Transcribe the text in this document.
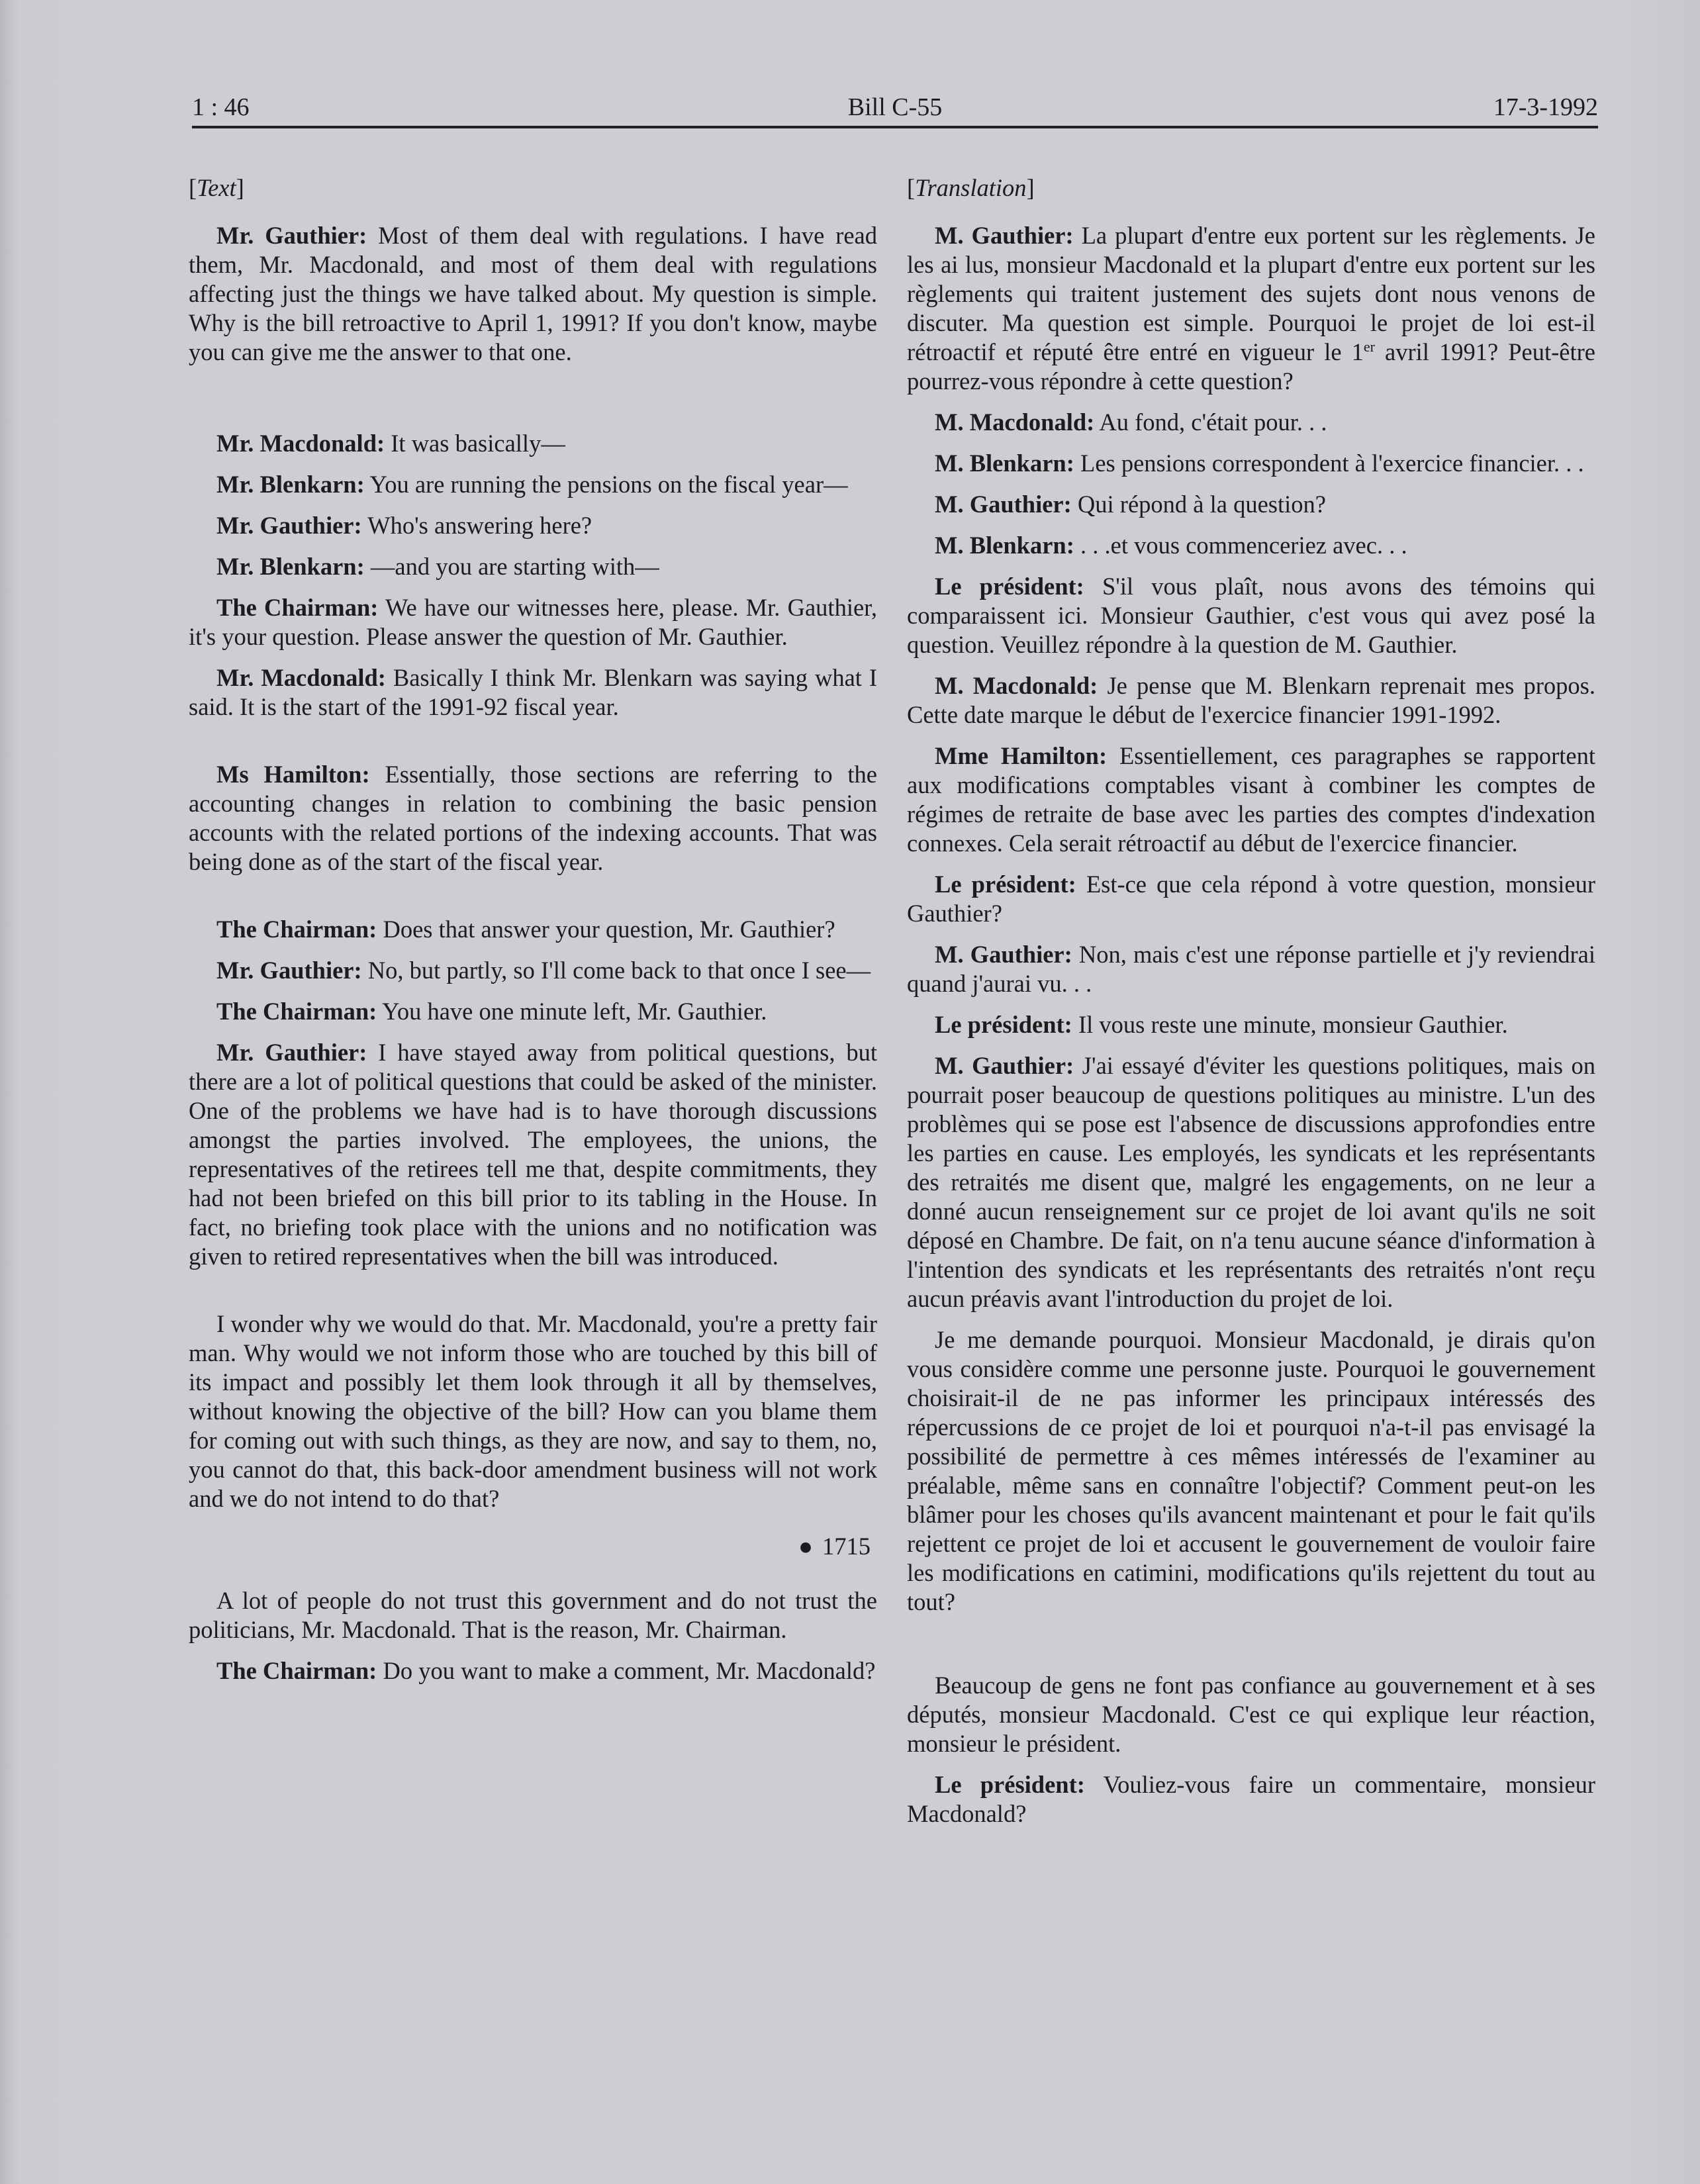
Bill C-55
1 : 46	17-3-1992
[Text]

Mr. Gauthier: Most of them deal with regulations. I have read them, Mr. Macdonald, and most of them deal with regulations affecting just the things we have talked about. My question is simple. Why is the bill retroactive to April 1, 1991? If you don't know, maybe you can give me the answer to that one.

Mr. Macdonald: It was basically—

Mr. Blenkarn: You are running the pensions on the fiscal year—

Mr. Gauthier: Who's answering here?

Mr. Blenkarn: —and you are starting with—

The Chairman: We have our witnesses here, please. Mr. Gauthier, it's your question. Please answer the question of Mr. Gauthier.

Mr. Macdonald: Basically I think Mr. Blenkarn was saying what I said. It is the start of the 1991-92 fiscal year.

Ms Hamilton: Essentially, those sections are referring to the accounting changes in relation to combining the basic pension accounts with the related portions of the indexing accounts. That was being done as of the start of the fiscal year.

The Chairman: Does that answer your question, Mr. Gauthier?

Mr. Gauthier: No, but partly, so I'll come back to that once I see—

The Chairman: You have one minute left, Mr. Gauthier.

Mr. Gauthier: I have stayed away from political questions, but there are a lot of political questions that could be asked of the minister. One of the problems we have had is to have thorough discussions amongst the parties involved. The employees, the unions, the representatives of the retirees tell me that, despite commitments, they had not been briefed on this bill prior to its tabling in the House. In fact, no briefing took place with the unions and no notification was given to retired representatives when the bill was introduced.

I wonder why we would do that. Mr. Macdonald, you're a pretty fair man. Why would we not inform those who are touched by this bill of its impact and possibly let them look through it all by themselves, without knowing the objective of the bill? How can you blame them for coming out with such things, as they are now, and say to them, no, you cannot do that, this back-door amendment business will not work and we do not intend to do that?

● 1715

A lot of people do not trust this government and do not trust the politicians, Mr. Macdonald. That is the reason, Mr. Chairman.

The Chairman: Do you want to make a comment, Mr. Macdonald?

[Translation]

M. Gauthier: La plupart d'entre eux portent sur les règlements. Je les ai lus, monsieur Macdonald et la plupart d'entre eux portent sur les règlements qui traitent justement des sujets dont nous venons de discuter. Ma question est simple. Pourquoi le projet de loi est-il rétroactif et réputé être entré en vigueur le 1er avril 1991? Peut-être pourrez-vous répondre à cette question?

M. Macdonald: Au fond, c'était pour. . .

M. Blenkarn: Les pensions correspondent à l'exercice financier. . .

M. Gauthier: Qui répond à la question?

M. Blenkarn: . . .et vous commenceriez avec. . .

Le président: S'il vous plaît, nous avons des témoins qui comparaissent ici. Monsieur Gauthier, c'est vous qui avez posé la question. Veuillez répondre à la question de M. Gauthier.

M. Macdonald: Je pense que M. Blenkarn reprenait mes propos. Cette date marque le début de l'exercice financier 1991-1992.

Mme Hamilton: Essentiellement, ces paragraphes se rapportent aux modifications comptables visant à combiner les comptes de régimes de retraite de base avec les parties des comptes d'indexation connexes. Cela serait rétroactif au début de l'exercice financier.

Le président: Est-ce que cela répond à votre question, monsieur Gauthier?

M. Gauthier: Non, mais c'est une réponse partielle et j'y reviendrai quand j'aurai vu. . .

Le président: Il vous reste une minute, monsieur Gauthier.

M. Gauthier: J'ai essayé d'éviter les questions politiques, mais on pourrait poser beaucoup de questions politiques au ministre. L'un des problèmes qui se pose est l'absence de discussions approfondies entre les parties en cause. Les employés, les syndicats et les représentants des retraités me disent que, malgré les engagements, on ne leur a donné aucun renseignement sur ce projet de loi avant qu'ils ne soit déposé en Chambre. De fait, on n'a tenu aucune séance d'information à l'intention des syndicats et les représentants des retraités n'ont reçu aucun préavis avant l'introduction du projet de loi.

Je me demande pourquoi. Monsieur Macdonald, je dirais qu'on vous considère comme une personne juste. Pourquoi le gouvernement choisirait-il de ne pas informer les principaux intéressés des répercussions de ce projet de loi et pourquoi n'a-t-il pas envisagé la possibilité de permettre à ces mêmes intéressés de l'examiner au préalable, même sans en connaître l'objectif? Comment peut-on les blâmer pour les choses qu'ils avancent maintenant et pour le fait qu'ils rejettent ce projet de loi et accusent le gouvernement de vouloir faire les modifications en catimini, modifications qu'ils rejettent du tout au tout?

Beaucoup de gens ne font pas confiance au gouvernement et à ses députés, monsieur Macdonald. C'est ce qui explique leur réaction, monsieur le président.

Le président: Vouliez-vous faire un commentaire, monsieur Macdonald?
